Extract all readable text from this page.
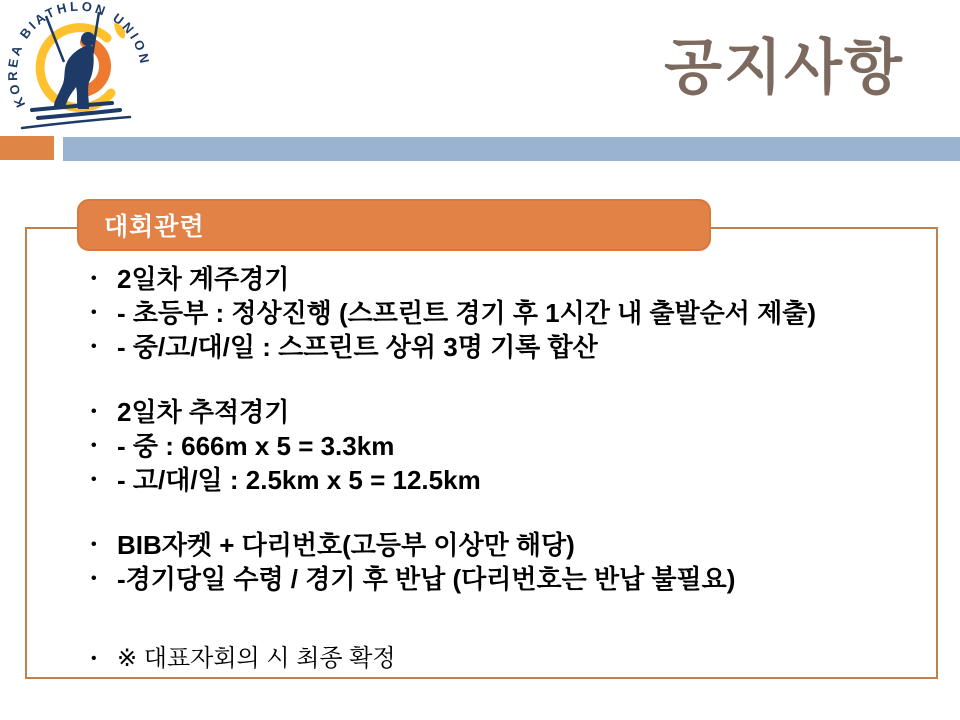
KOREA BIATHLON UNION	공지사항
대회관련
• 2일차 계주경기
• - 초등부 : 정상진행 (스프린트 경기 후 1시간 내 출발순서 제출)
• - 중/고/대/일 : 스프린트 상위 3명 기록 합산
• 2일차 추적경기
• - 중 : 666m x 5 = 3.3km
• - 고/대/일 : 2.5km x 5 = 12.5km
• BIB자켓 + 다리번호(고등부 이상만 해당)
• -경기당일 수령 / 경기 후 반납 (다리번호는 반납 불필요)
• ※ 대표자회의 시 최종 확정
